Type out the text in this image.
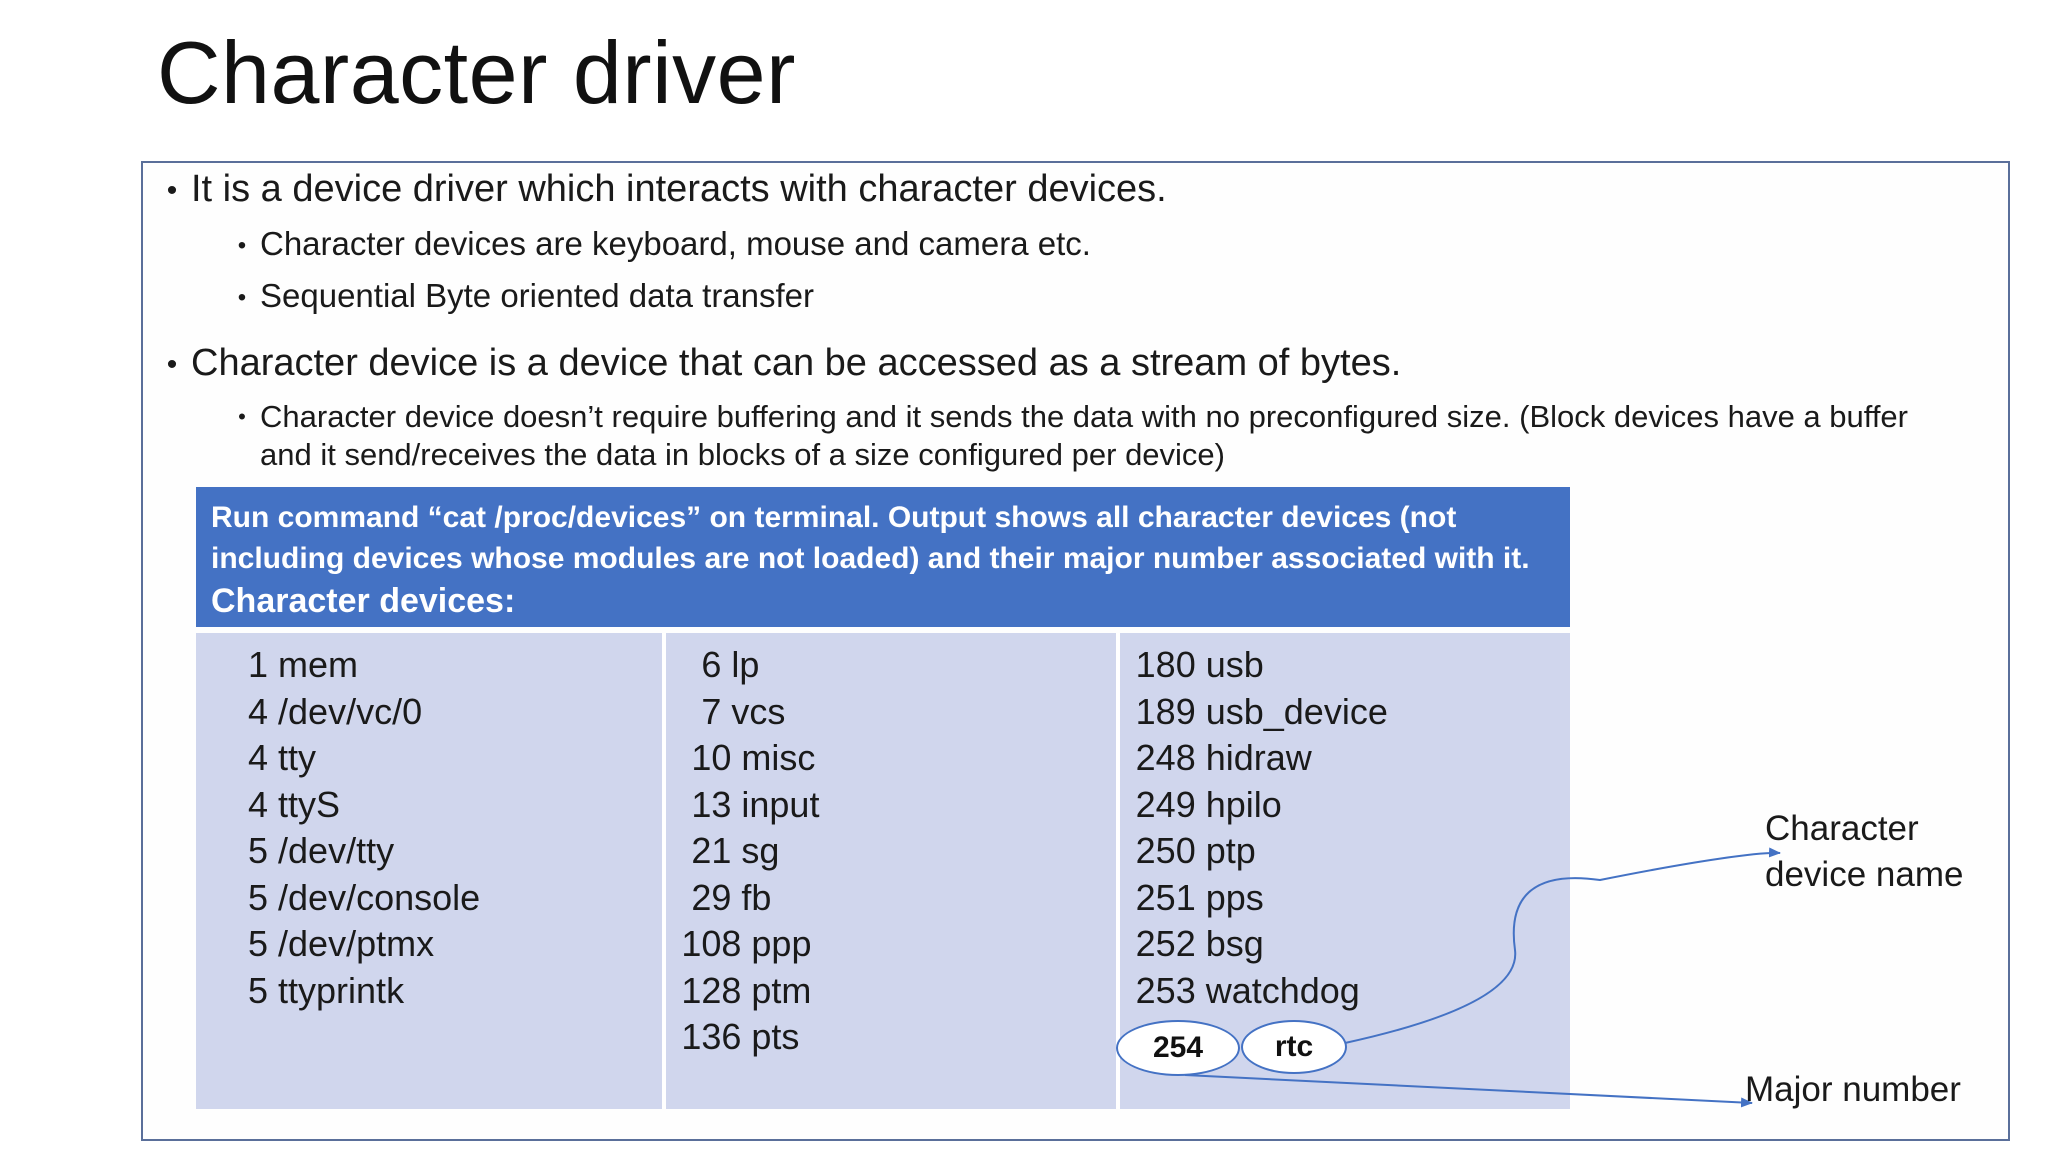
Character driver
• It is a device driver which interacts with character devices.
• Character devices are keyboard, mouse and camera etc.
• Sequential Byte oriented data transfer
• Character device is a device that can be accessed as a stream of bytes.
• Character device doesn’t require buffering and it sends the data with no preconfigured size. (Block devices have a buffer
and it send/receives the data in blocks of a size configured per device)
Run command “cat /proc/devices” on terminal. Output shows all character devices (not
including devices whose modules are not loaded) and their major number associated with it.
Character devices:
1 mem
4 /dev/vc/0
4 tty
4 ttyS
5 /dev/tty
5 /dev/console
5 /dev/ptmx
5 ttyprintk
6 lp
7 vcs
10 misc
13 input
21 sg
29 fb
108 ppp
128 ptm
136 pts
180 usb
189 usb_device
248 hidraw
249 hpilo
250 ptp
251 pps
252 bsg
253 watchdog
254	rtc
Character
device name
Major number
